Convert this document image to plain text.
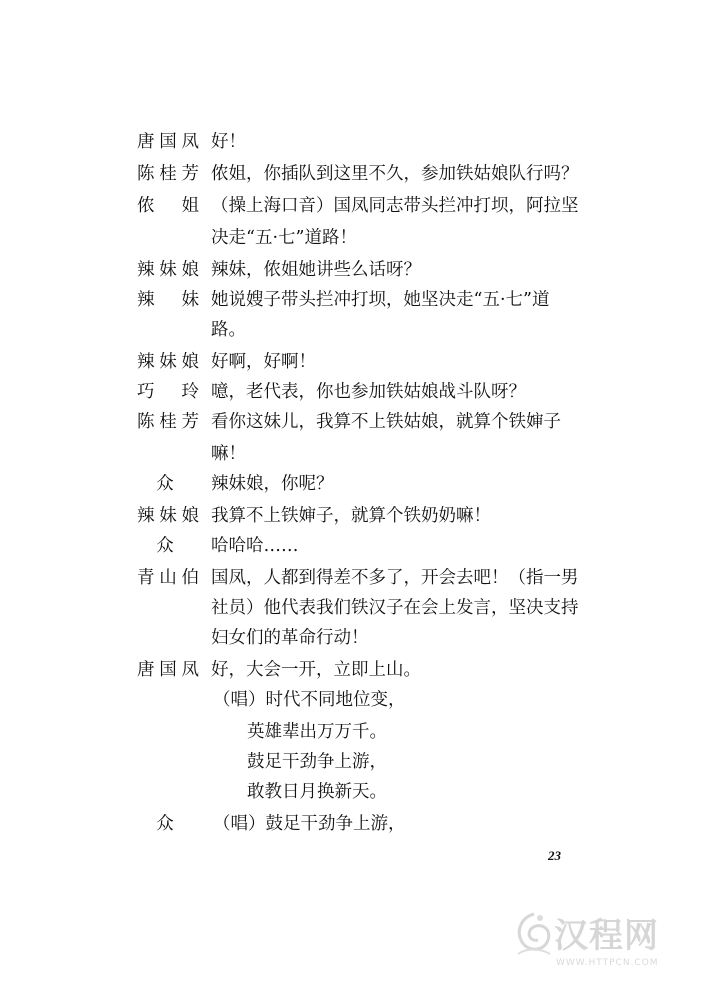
唐国凤 好！
陈桂芳 侬姐，你插队到这里不久，参加铁姑娘队行吗？
侬　姐 （操上海口音）国凤同志带头拦冲打坝，阿拉坚
决走“五·七”道路！
辣妹娘 辣妹，侬姐她讲些么话呀？
辣　妹 她说嫂子带头拦冲打坝，她坚决走“五·七”道
路。
辣妹娘 好啊，好啊！
巧　玲 噫，老代表，你也参加铁姑娘战斗队呀？
陈桂芳 看你这妹儿，我算不上铁姑娘，就算个铁婶子
嘛！
众	辣妹娘，你呢？
辣妹娘 我算不上铁婶子，就算个铁奶奶嘛！
众	哈哈哈……
青山伯 国凤，人都到得差不多了，开会去吧！（指一男
社员）他代表我们铁汉子在会上发言，坚决支持
妇女们的革命行动！
唐国凤 好，大会一开，立即上山。
（唱）时代不同地位变，
英雄辈出万万千。
鼓足干劲争上游，
敢教日月换新天。
众	（唱）鼓足干劲争上游，
23
汉程网
WWW.HTTPCN.COM
